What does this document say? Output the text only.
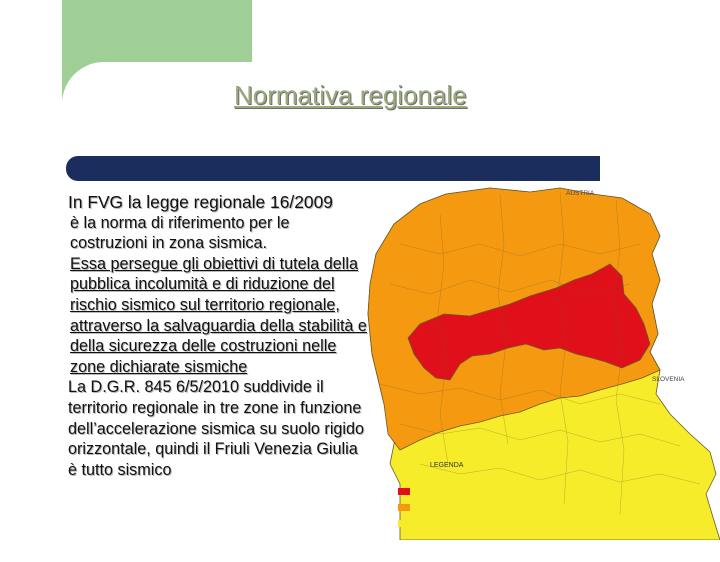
Normativa regionale
In FVG la legge regionale 16/2009
è la norma di riferimento per le costruzioni in zona sismica.
Essa persegue gli obiettivi di tutela della pubblica incolumità e di riduzione del rischio sismico sul territorio regionale, attraverso la salvaguardia della stabilità e della sicurezza delle costruzioni nelle zone dichiarate sismiche
La D.G.R. 845 6/5/2010 suddivide il territorio regionale in tre zone in funzione dell’accelerazione sismica su suolo rigido orizzontale, quindi il Friuli Venezia Giulia è tutto sismico
AUSTRIA
SLOVENIA
LEGENDA
